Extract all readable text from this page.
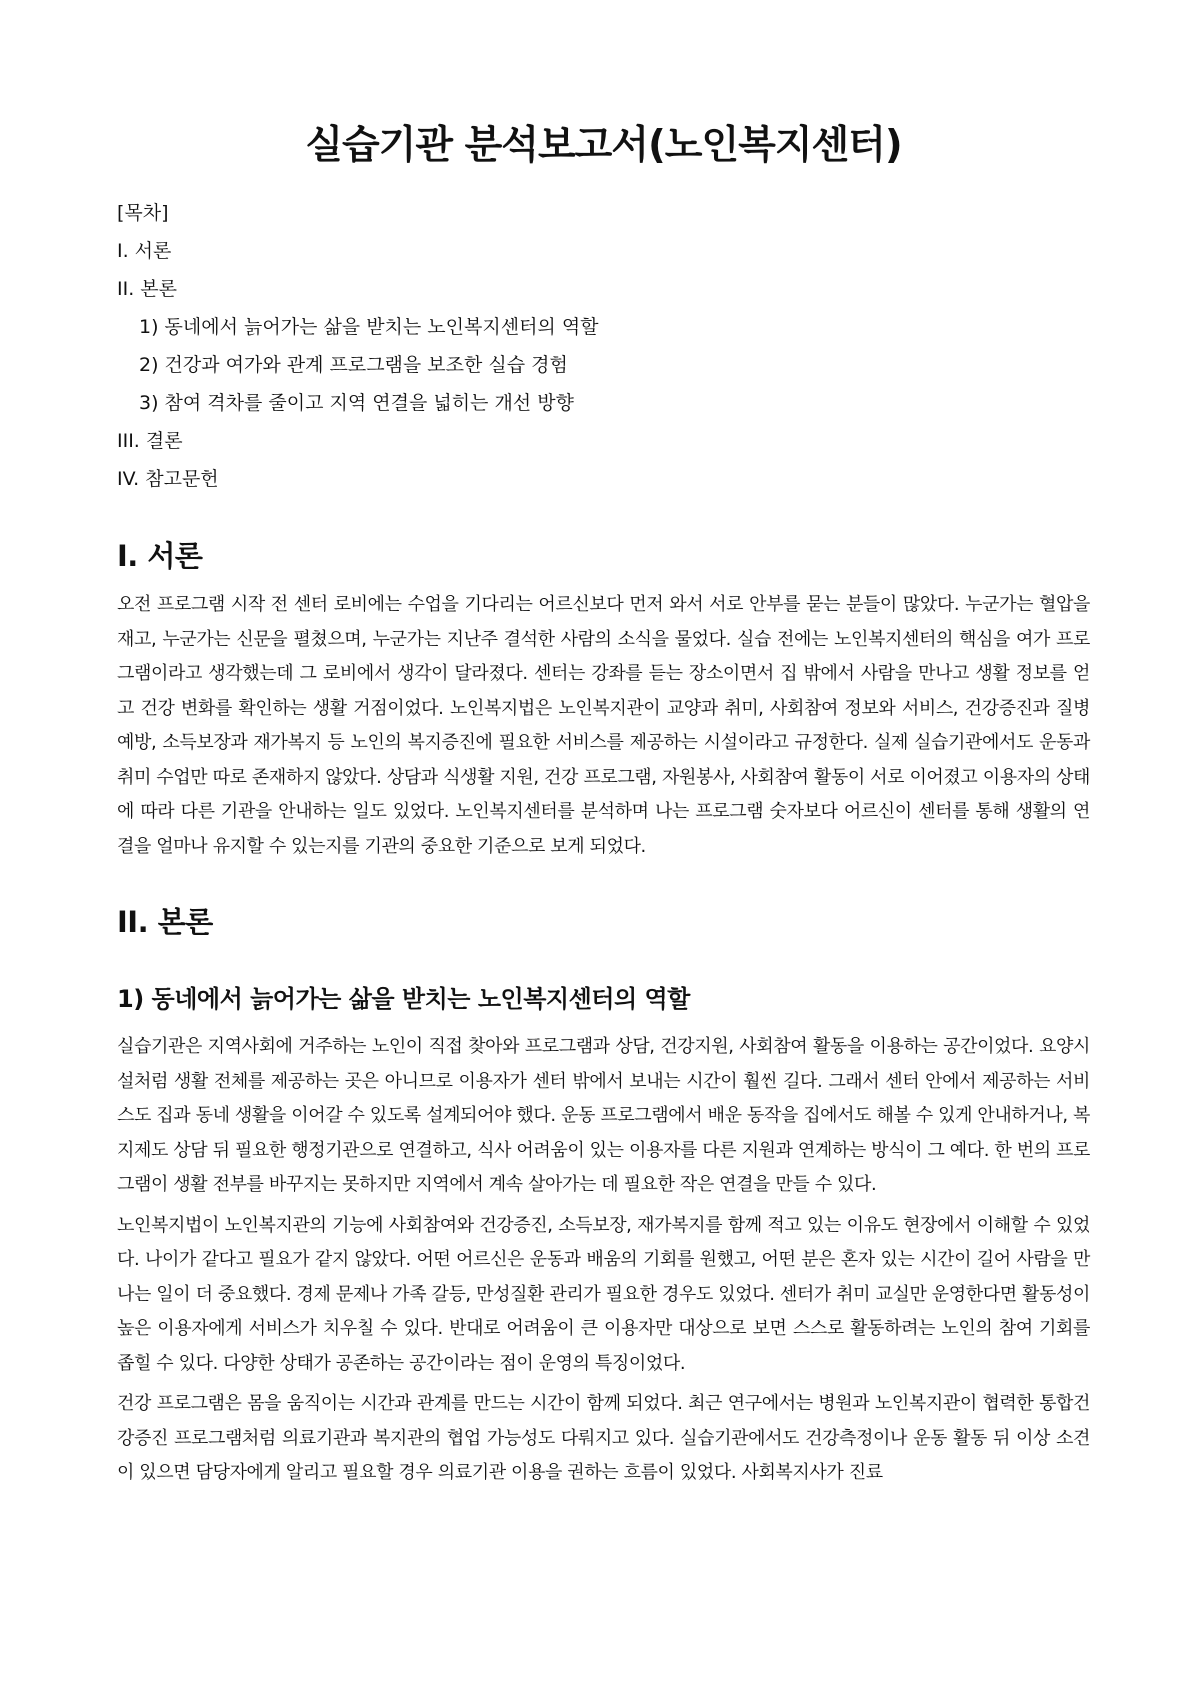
실습기관 분석보고서(노인복지센터)

[목차]

I. 서론

II. 본론

1) 동네에서 늙어가는 삶을 받치는 노인복지센터의 역할

2) 건강과 여가와 관계 프로그램을 보조한 실습 경험

3) 참여 격차를 줄이고 지역 연결을 넓히는 개선 방향

III. 결론

IV. 참고문헌

I. 서론

오전 프로그램 시작 전 센터 로비에는 수업을 기다리는 어르신보다 먼저 와서 서로 안부를 묻는 분들이 많았다. 누군가는 혈압을 재고, 누군가는 신문을 펼쳤으며, 누군가는 지난주 결석한 사람의 소식을 물었다. 실습 전에는 노인복지센터의 핵심을 여가 프로그램이라고 생각했는데 그 로비에서 생각이 달라졌다. 센터는 강좌를 듣는 장소이면서 집 밖에서 사람을 만나고 생활 정보를 얻고 건강 변화를 확인하는 생활 거점이었다. 노인복지법은 노인복지관이 교양과 취미, 사회참여 정보와 서비스, 건강증진과 질병예방, 소득보장과 재가복지 등 노인의 복지증진에 필요한 서비스를 제공하는 시설이라고 규정한다. 실제 실습기관에서도 운동과 취미 수업만 따로 존재하지 않았다. 상담과 식생활 지원, 건강 프로그램, 자원봉사, 사회참여 활동이 서로 이어졌고 이용자의 상태에 따라 다른 기관을 안내하는 일도 있었다. 노인복지센터를 분석하며 나는 프로그램 숫자보다 어르신이 센터를 통해 생활의 연결을 얼마나 유지할 수 있는지를 기관의 중요한 기준으로 보게 되었다.

II. 본론
1) 동네에서 늙어가는 삶을 받치는 노인복지센터의 역할

실습기관은 지역사회에 거주하는 노인이 직접 찾아와 프로그램과 상담, 건강지원, 사회참여 활동을 이용하는 공간이었다. 요양시설처럼 생활 전체를 제공하는 곳은 아니므로 이용자가 센터 밖에서 보내는 시간이 훨씬 길다. 그래서 센터 안에서 제공하는 서비스도 집과 동네 생활을 이어갈 수 있도록 설계되어야 했다. 운동 프로그램에서 배운 동작을 집에서도 해볼 수 있게 안내하거나, 복지제도 상담 뒤 필요한 행정기관으로 연결하고, 식사 어려움이 있는 이용자를 다른 지원과 연계하는 방식이 그 예다. 한 번의 프로그램이 생활 전부를 바꾸지는 못하지만 지역에서 계속 살아가는 데 필요한 작은 연결을 만들 수 있다.

노인복지법이 노인복지관의 기능에 사회참여와 건강증진, 소득보장, 재가복지를 함께 적고 있는 이유도 현장에서 이해할 수 있었다. 나이가 같다고 필요가 같지 않았다. 어떤 어르신은 운동과 배움의 기회를 원했고, 어떤 분은 혼자 있는 시간이 길어 사람을 만나는 일이 더 중요했다. 경제 문제나 가족 갈등, 만성질환 관리가 필요한 경우도 있었다. 센터가 취미 교실만 운영한다면 활동성이 높은 이용자에게 서비스가 치우칠 수 있다. 반대로 어려움이 큰 이용자만 대상으로 보면 스스로 활동하려는 노인의 참여 기회를 좁힐 수 있다. 다양한 상태가 공존하는 공간이라는 점이 운영의 특징이었다.

건강 프로그램은 몸을 움직이는 시간과 관계를 만드는 시간이 함께 되었다. 최근 연구에서는 병원과 노인복지관이 협력한 통합건강증진 프로그램처럼 의료기관과 복지관의 협업 가능성도 다뤄지고 있다. 실습기관에서도 건강측정이나 운동 활동 뒤 이상 소견이 있으면 담당자에게 알리고 필요할 경우 의료기관 이용을 권하는 흐름이 있었다. 사회복지사가 진료
